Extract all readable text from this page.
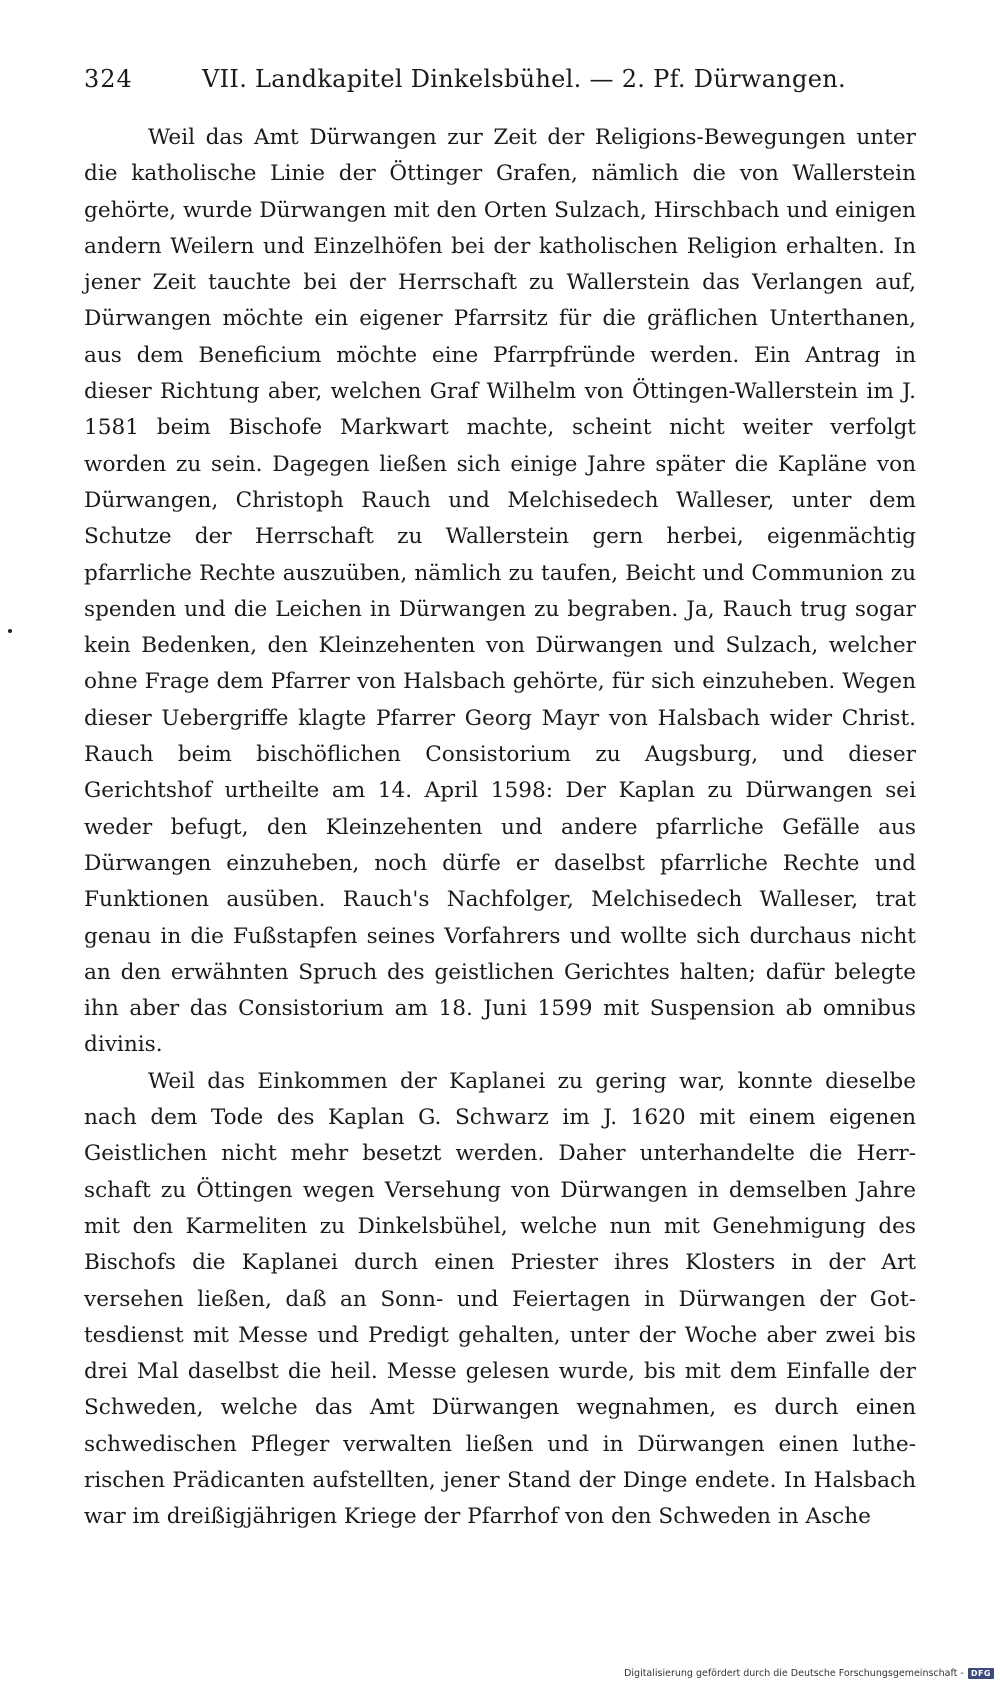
324	VII. Landkapitel Dinkelsbühel. — 2. Pf. Dürwangen.

Weil das Amt Dürwangen zur Zeit der Religions-Bewegungen unter die katholische Linie der Öttinger Grafen, nämlich die von Wallerstein gehörte, wurde Dürwangen mit den Orten Sulzach, Hirschbach und einigen andern Weilern und Einzelhöfen bei der katholischen Religion erhalten. In jener Zeit tauchte bei der Herrschaft zu Wallerstein das Verlangen auf, Dürwangen möchte ein eigener Pfarrsitz für die gräflichen Unterthanen, aus dem Beneficium möchte eine Pfarrpfründe werden. Ein Antrag in dieser Richtung aber, welchen Graf Wilhelm von Öttingen-Wallerstein im J. 1581 beim Bischofe Markwart machte, scheint nicht weiter verfolgt worden zu sein. Dagegen ließen sich einige Jahre später die Kapläne von Dürwangen, Christoph Rauch und Melchisedech Walleser, unter dem Schutze der Herrschaft zu Wallerstein gern herbei, eigenmächtig pfarrliche Rechte auszuüben, nämlich zu taufen, Beicht und Communion zu spenden und die Leichen in Dürwangen zu begraben. Ja, Rauch trug sogar kein Bedenken, den Kleinzehenten von Dürwangen und Sulzach, welcher ohne Frage dem Pfarrer von Halsbach gehörte, für sich einzuheben. Wegen dieser Uebergriffe klagte Pfarrer Georg Mayr von Halsbach wider Christ. Rauch beim bischöflichen Consistorium zu Augsburg, und dieser Gerichtshof urtheilte am 14. April 1598: Der Kaplan zu Dürwangen sei weder befugt, den Kleinzehenten und andere pfarrliche Gefälle aus Dürwangen einzuheben, noch dürfe er daselbst pfarrliche Rechte und Funktionen ausüben. Rauch's Nachfolger, Melchisedech Walleser, trat genau in die Fußstapfen seines Vorfahrers und wollte sich durchaus nicht an den erwähnten Spruch des geistlichen Gerichtes halten; dafür belegte ihn aber das Consistorium am 18. Juni 1599 mit Suspension ab omnibus divinis.

Weil das Einkommen der Kaplanei zu gering war, konnte dieselbe nach dem Tode des Kaplan G. Schwarz im J. 1620 mit einem eigenen Geistlichen nicht mehr besetzt werden. Daher unterhandelte die Herrschaft zu Öttingen wegen Versehung von Dürwangen in demselben Jahre mit den Karmeliten zu Dinkelsbühel, welche nun mit Genehmigung des Bischofs die Kaplanei durch einen Priester ihres Klosters in der Art versehen ließen, daß an Sonn- und Feiertagen in Dürwangen der Gottesdienst mit Messe und Predigt gehalten, unter der Woche aber zwei bis drei Mal daselbst die heil. Messe gelesen wurde, bis mit dem Einfalle der Schweden, welche das Amt Dürwangen wegnahmen, es durch einen schwedischen Pfleger verwalten ließen und in Dürwangen einen lutherischen Prädicanten aufstellten, jener Stand der Dinge endete. In Halsbach war im dreißigjährigen Kriege der Pfarrhof von den Schweden in Asche

Digitalisierung gefördert durch die Deutsche Forschungsgemeinschaft - DFG
